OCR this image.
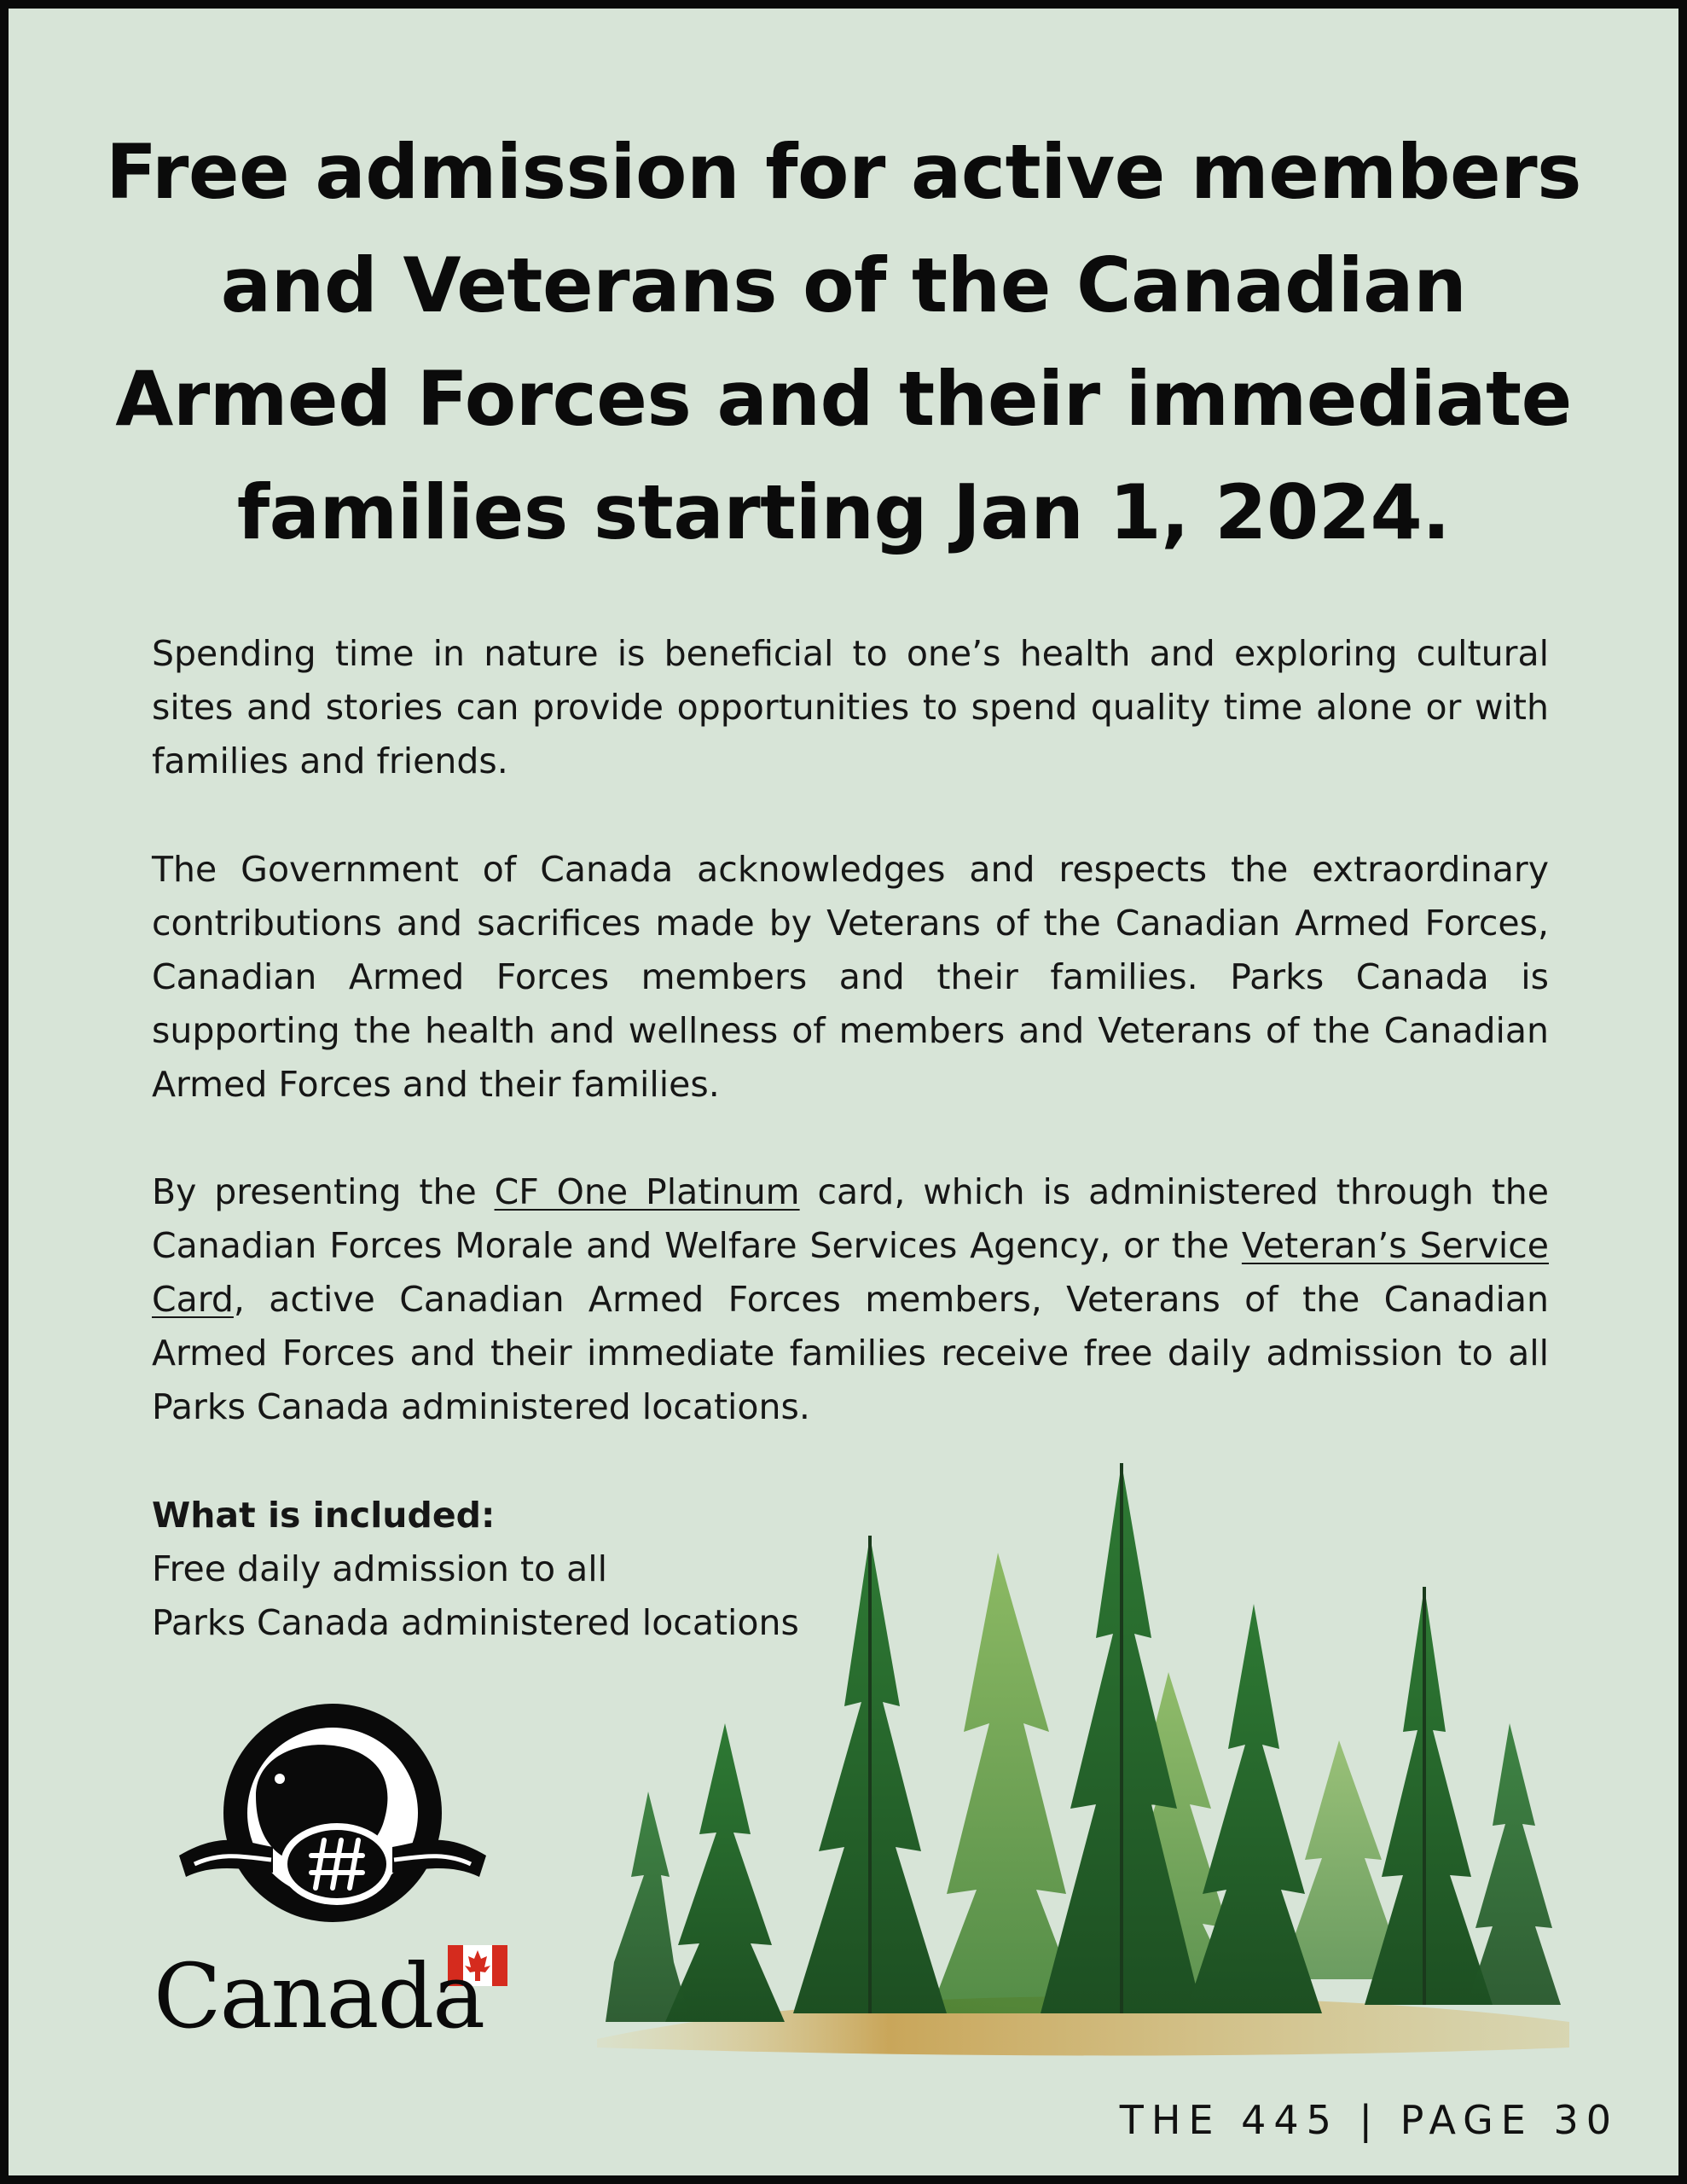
Free admission for active members and Veterans of the Canadian Armed Forces and their immediate families starting Jan 1, 2024.

Spending time in nature is beneficial to one’s health and exploring cultural sites and stories can provide opportunities to spend quality time alone or with families and friends.

The Government of Canada acknowledges and respects the extraordinary contributions and sacrifices made by Veterans of the Canadian Armed Forces, Canadian Armed Forces members and their families. Parks Canada is supporting the health and wellness of members and Veterans of the Canadian Armed Forces and their families.

By presenting the CF One Platinum card, which is administered through the Canadian Forces Morale and Welfare Services Agency, or the Veteran’s Service Card, active Canadian Armed Forces members, Veterans of the Canadian Armed Forces and their immediate families receive free daily admission to all Parks Canada administered locations.

What is included:
Free daily admission to all
Parks Canada administered locations
Canada
THE 445 | PAGE 30
